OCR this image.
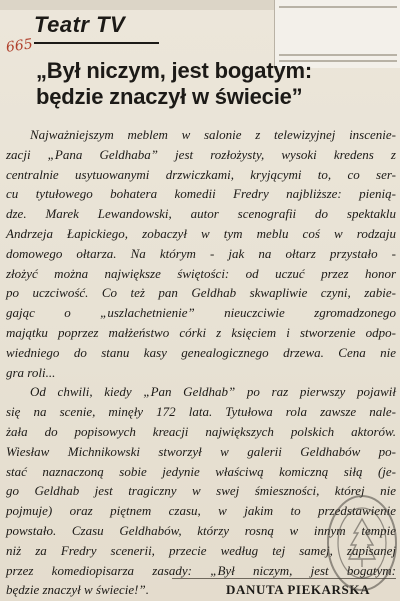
Teatr TV
665
„Był niczym, jest bogatym:
będzie znaczył w świecie”
Najważniejszym meblem w salonie z telewizyjnej inscenie-
zacji „Pana Geldhaba” jest rozłożysty, wysoki kredens z
centralnie usytuowanymi drzwiczkami, kryjącymi to, co ser-
cu tytułowego bohatera komedii Fredry najbliższe: pienią-
dze. Marek Lewandowski, autor scenografii do spektaklu
Andrzeja Łapickiego, zobaczył w tym meblu coś w rodzaju
domowego ołtarza. Na którym - jak na ołtarz przystało -
złożyć można największe świętości: od uczuć przez honor
po uczciwość. Co też pan Geldhab skwapliwie czyni, zabie-
gając o „uszlachetnienie” nieuczciwie zgromadzonego
majątku poprzez małżeństwo córki z księciem i stworzenie odpo-
wiedniego do stanu kasy genealogicznego drzewa. Cena nie
gra roli...
Od chwili, kiedy „Pan Geldhab” po raz pierwszy pojawił
się na scenie, minęły 172 lata. Tytułowa rola zawsze nale-
żała do popisowych kreacji największych polskich aktorów.
Wiesław Michnikowski stworzył w galerii Geldhabów po-
stać naznaczoną sobie jedynie właściwą komiczną siłą (je-
go Geldhab jest tragiczny w swej śmieszności, której nie
pojmuje) oraz piętnem czasu, w jakim to przedstawienie
powstało. Czasu Geldhabów, którzy rosną w innym tempie
niż za Fredry scenerii, przecie według tej samej, zapisanej
przez komediopisarza zasady: „Był niczym, jest bogatym:
będzie znaczył w świecie!”.	DANUTA PIEKARSKA
